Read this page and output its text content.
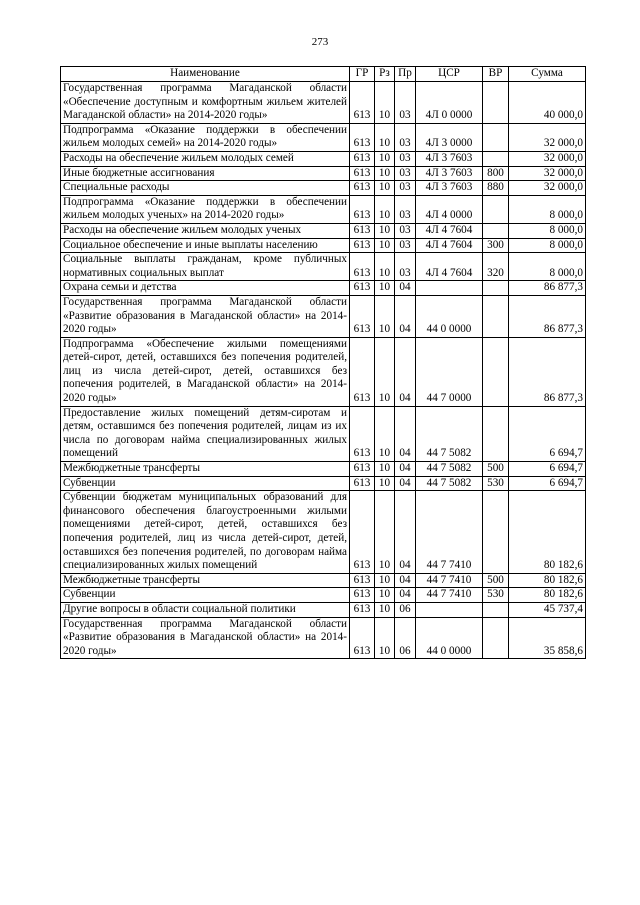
273
Наименование	ГР	Рз	Пр	ЦСР	ВР	Сумма
Государственная программа Магаданской области «Обеспечение доступным и комфортным жильем жителей Магаданской области» на 2014-2020 годы»	613	10	03	4Л 0 0000		40 000,0
Подпрограмма «Оказание поддержки в обеспечении жильем молодых семей» на 2014-2020 годы»	613	10	03	4Л 3 0000		32 000,0
Расходы на обеспечение жильем молодых семей	613	10	03	4Л 3 7603		32 000,0
Иные бюджетные ассигнования	613	10	03	4Л 3 7603	800	32 000,0
Специальные расходы	613	10	03	4Л 3 7603	880	32 000,0
Подпрограмма «Оказание поддержки в обеспечении жильем молодых ученых» на 2014-2020 годы»	613	10	03	4Л 4 0000		8 000,0
Расходы на обеспечение жильем молодых ученых	613	10	03	4Л 4 7604		8 000,0
Социальное обеспечение и иные выплаты населению	613	10	03	4Л 4 7604	300	8 000,0
Социальные выплаты гражданам, кроме публичных нормативных социальных выплат	613	10	03	4Л 4 7604	320	8 000,0
Охрана семьи и детства	613	10	04			86 877,3
Государственная программа Магаданской области «Развитие образования в Магаданской области» на 2014-2020 годы»	613	10	04	44 0 0000		86 877,3
Подпрограмма «Обеспечение жилыми помещениями детей-сирот, детей, оставшихся без попечения родителей, лиц из числа детей-сирот, детей, оставшихся без попечения родителей, в Магаданской области» на 2014-2020 годы»	613	10	04	44 7 0000		86 877,3
Предоставление жилых помещений детям-сиротам и детям, оставшимся без попечения родителей, лицам из их числа по договорам найма специализированных жилых помещений	613	10	04	44 7 5082		6 694,7
Межбюджетные трансферты	613	10	04	44 7 5082	500	6 694,7
Субвенции	613	10	04	44 7 5082	530	6 694,7
Субвенции бюджетам муниципальных образований для финансового обеспечения благоустроенными жилыми помещениями детей-сирот, детей, оставшихся без попечения родителей, лиц из числа детей-сирот, детей, оставшихся без попечения родителей, по договорам найма специализированных жилых помещений	613	10	04	44 7 7410		80 182,6
Межбюджетные трансферты	613	10	04	44 7 7410	500	80 182,6
Субвенции	613	10	04	44 7 7410	530	80 182,6
Другие вопросы в области социальной политики	613	10	06			45 737,4
Государственная программа Магаданской области «Развитие образования в Магаданской области» на 2014-2020 годы»	613	10	06	44 0 0000		35 858,6
